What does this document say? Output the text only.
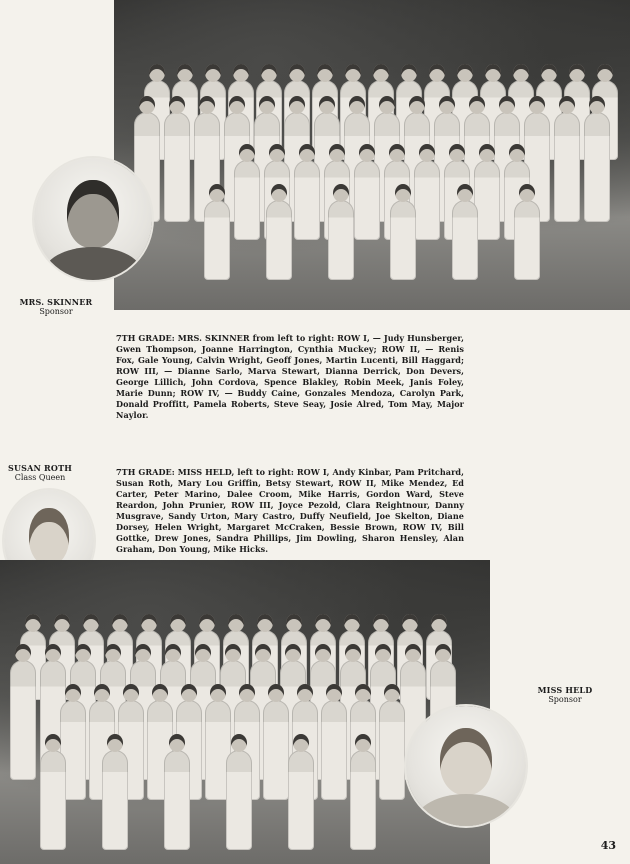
MRS. SKINNER
Sponsor
7TH GRADE: MRS. SKINNER from left to right: ROW I, — Judy Hunsberger, Gwen Thompson, Joanne Harrington, Cynthia Muckey; ROW II, — Renis Fox, Gale Young, Calvin Wright, Geoff Jones, Martin Lucenti, Bill Haggard; ROW III, — Dianne Sarlo, Marva Stewart, Dianna Derrick, Don Devers, George Lillich, John Cordova, Spence Blakley, Robin Meek, Janis Foley, Marie Dunn; ROW IV, — Buddy Caine, Gonzales Mendoza, Carolyn Park, Donald Proffitt, Pamela Roberts, Steve Seay, Josie Alred, Tom May, Major Naylor.
SUSAN ROTH
Class Queen
7TH GRADE: MISS HELD, left to right: ROW I, Andy Kinbar, Pam Pritchard, Susan Roth, Mary Lou Griffin, Betsy Stewart, ROW II, Mike Mendez, Ed Carter, Peter Marino, Dalee Croom, Mike Harris, Gordon Ward, Steve Reardon, John Prunier, ROW III, Joyce Pezold, Clara Reightnour, Danny Musgrave, Sandy Urton, Mary Castro, Duffy Neufield, Joe Skelton, Diane Dorsey, Helen Wright, Margaret McCraken, Bessie Brown, ROW IV, Bill Gottke, Drew Jones, Sandra Phillips, Jim Dowling, Sharon Hensley, Alan Graham, Don Young, Mike Hicks.
MISS HELD
Sponsor
43
